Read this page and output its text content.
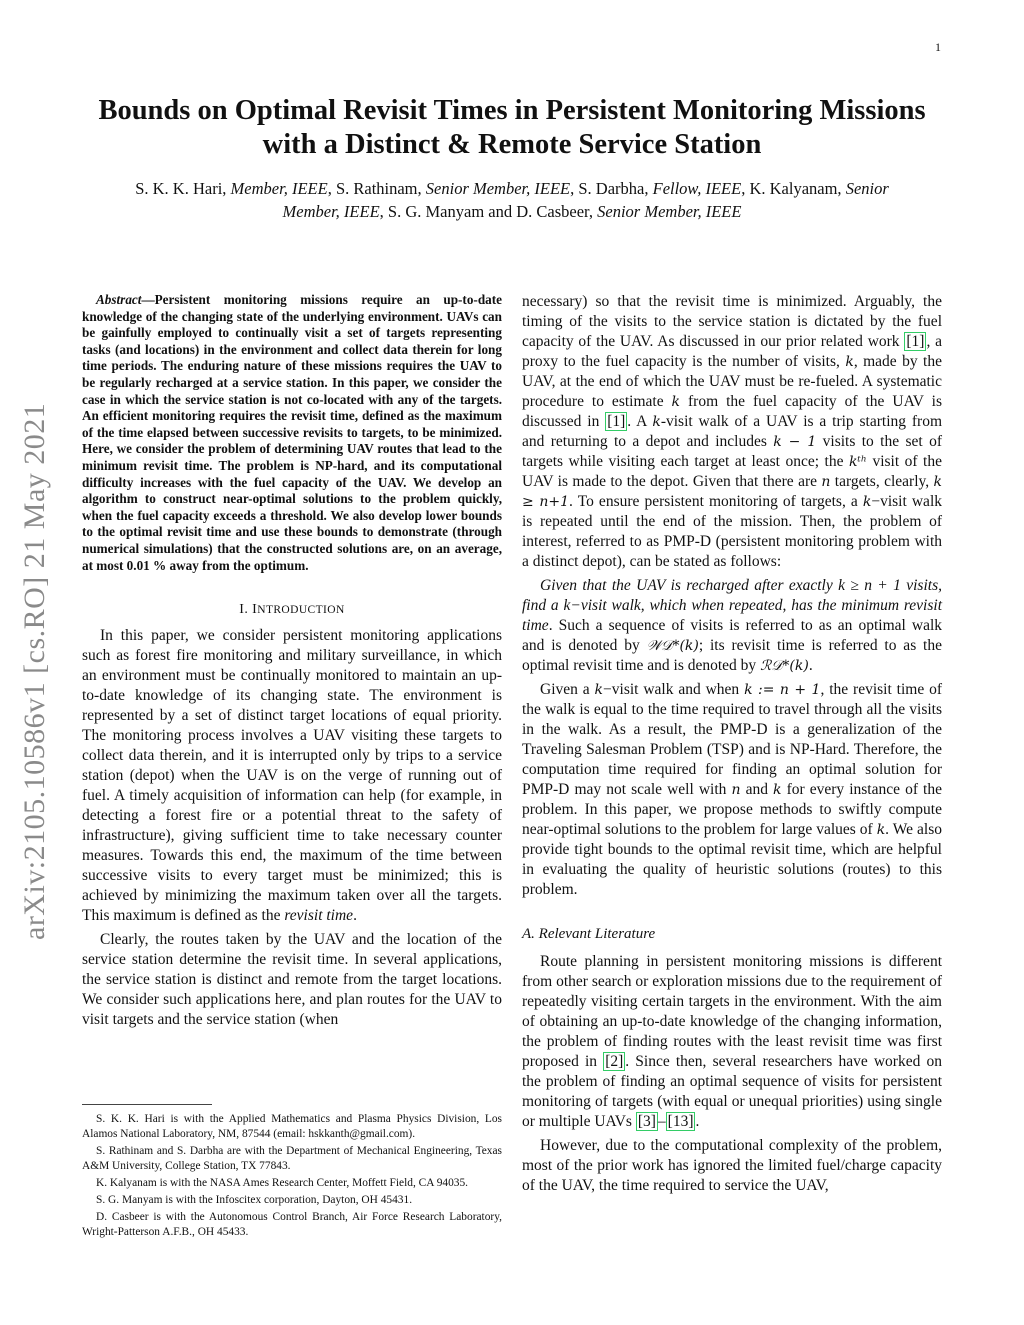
1
arXiv:2105.10586v1 [cs.RO] 21 May 2021
Bounds on Optimal Revisit Times in Persistent Monitoring Missions
with a Distinct & Remote Service Station
S. K. K. Hari, Member, IEEE, S. Rathinam, Senior Member, IEEE, S. Darbha, Fellow, IEEE, K. Kalyanam, Senior Member, IEEE, S. G. Manyam and D. Casbeer, Senior Member, IEEE

Abstract—Persistent monitoring missions require an up-to-date knowledge of the changing state of the underlying environment. UAVs can be gainfully employed to continually visit a set of targets representing tasks (and locations) in the environment and collect data therein for long time periods. The enduring nature of these missions requires the UAV to be regularly recharged at a service station. In this paper, we consider the case in which the service station is not co-located with any of the targets. An efficient monitoring requires the revisit time, defined as the maximum of the time elapsed between successive revisits to targets, to be minimized. Here, we consider the problem of determining UAV routes that lead to the minimum revisit time. The problem is NP-hard, and its computational difficulty increases with the fuel capacity of the UAV. We develop an algorithm to construct near-optimal solutions to the problem quickly, when the fuel capacity exceeds a threshold. We also develop lower bounds to the optimal revisit time and use these bounds to demonstrate (through numerical simulations) that the constructed solutions are, on an average, at most 0.01 % away from the optimum.

I. INTRODUCTION

In this paper, we consider persistent monitoring applications such as forest fire monitoring and military surveillance, in which an environment must be continually monitored to maintain an up-to-date knowledge of its changing state. The environment is represented by a set of distinct target locations of equal priority. The monitoring process involves a UAV visiting these targets to collect data therein, and it is interrupted only by trips to a service station (depot) when the UAV is on the verge of running out of fuel. A timely acquisition of information can help (for example, in detecting a forest fire or a potential threat to the safety of infrastructure), giving sufficient time to take necessary counter measures. Towards this end, the maximum of the time between successive visits to every target must be minimized; this is achieved by minimizing the maximum taken over all the targets. This maximum is defined as the revisit time.

Clearly, the routes taken by the UAV and the location of the service station determine the revisit time. In several applications, the service station is distinct and remote from the target locations. We consider such applications here, and plan routes for the UAV to visit targets and the service station (when

necessary) so that the revisit time is minimized. Arguably, the timing of the visits to the service station is dictated by the fuel capacity of the UAV. As discussed in our prior related work [1] , a proxy to the fuel capacity is the number of visits, k, made by the UAV, at the end of which the UAV must be re-fueled. A systematic procedure to estimate k from the fuel capacity of the UAV is discussed in [1] . A k-visit walk of a UAV is a trip starting from and returning to a depot and includes k − 1 visits to the set of targets while visiting each target at least once; the kᵗʰ visit of the UAV is made to the depot. Given that there are n targets, clearly, k ≥ n+1. To ensure persistent monitoring of targets, a k−visit walk is repeated until the end of the mission. Then, the problem of interest, referred to as PMP-D (persistent monitoring problem with a distinct depot), can be stated as follows:

Given that the UAV is recharged after exactly k ≥ n + 1 visits, find a k−visit walk, which when repeated, has the minimum revisit time. Such a sequence of visits is referred to as an optimal walk and is denoted by 𝒲𝒟*(k); its revisit time is referred to as the optimal revisit time and is denoted by ℛ𝒟*(k).

Given a k−visit walk and when k := n + 1, the revisit time of the walk is equal to the time required to travel through all the visits in the walk. As a result, the PMP-D is a generalization of the Traveling Salesman Problem (TSP) and is NP-Hard. Therefore, the computation time required for finding an optimal solution for PMP-D may not scale well with n and k for every instance of the problem. In this paper, we propose methods to swiftly compute near-optimal solutions to the problem for large values of k. We also provide tight bounds to the optimal revisit time, which are helpful in evaluating the quality of heuristic solutions (routes) to this problem.

A. Relevant Literature

Route planning in persistent monitoring missions is different from other search or exploration missions due to the requirement of repeatedly visiting certain targets in the environment. With the aim of obtaining an up-to-date knowledge of the changing information, the problem of finding routes with the least revisit time was first proposed in [2] . Since then, several researchers have worked on the problem of finding an optimal sequence of visits for persistent monitoring of targets (with equal or unequal priorities) using single or multiple UAVs [3] – [13] .

However, due to the computational complexity of the problem, most of the prior work has ignored the limited fuel/charge capacity of the UAV, the time required to service the UAV,

S. K. K. Hari is with the Applied Mathematics and Plasma Physics Division, Los Alamos National Laboratory, NM, 87544 (email: hskkanth@gmail.com).

S. Rathinam and S. Darbha are with the Department of Mechanical Engineering, Texas A&M University, College Station, TX 77843.

K. Kalyanam is with the NASA Ames Research Center, Moffett Field, CA 94035.

S. G. Manyam is with the Infoscitex corporation, Dayton, OH 45431.

D. Casbeer is with the Autonomous Control Branch, Air Force Research Laboratory, Wright-Patterson A.F.B., OH 45433.
